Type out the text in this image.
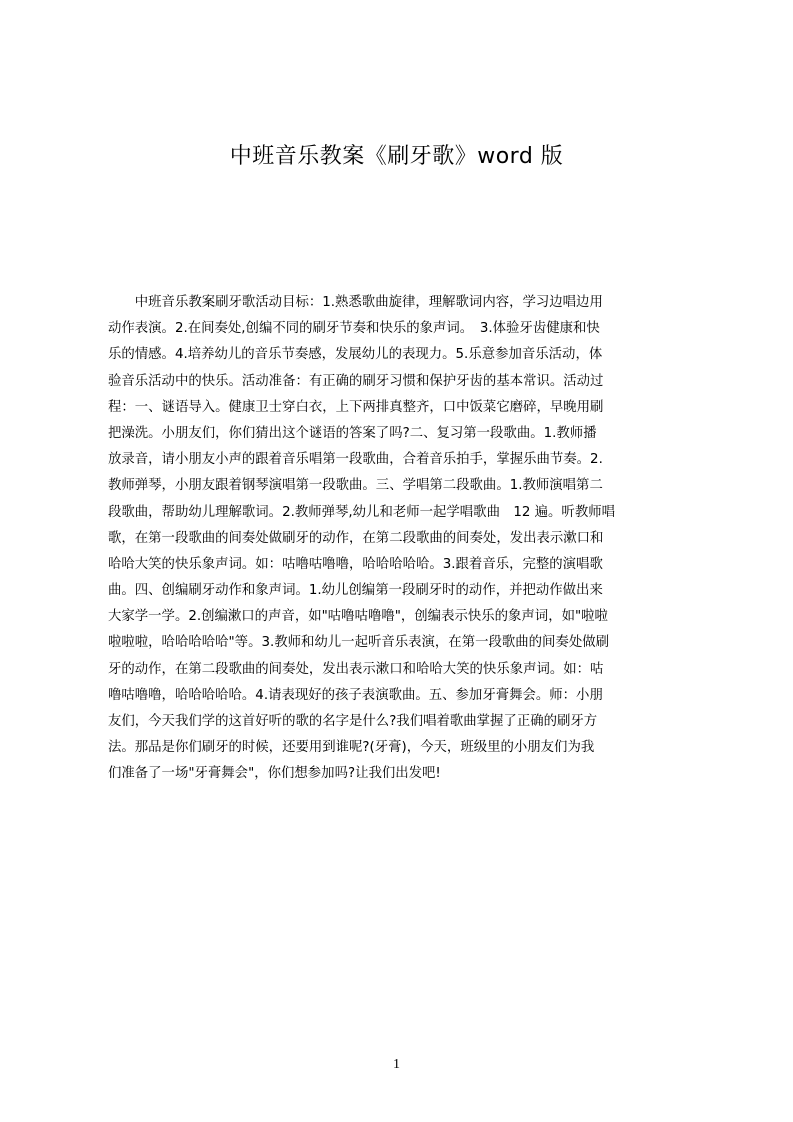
中班音乐教案《刷牙歌》word 版
　　中班音乐教案刷牙歌活动目标：1.熟悉歌曲旋律，理解歌词内容，学习边唱边用
动作表演。2.在间奏处,创编不同的刷牙节奏和快乐的象声词。　3.体验牙齿健康和快
乐的情感。4.培养幼儿的音乐节奏感，发展幼儿的表现力。5.乐意参加音乐活动，体
验音乐活动中的快乐。活动准备：有正确的刷牙习惯和保护牙齿的基本常识。活动过
程：一、谜语导入。健康卫士穿白衣，上下两排真整齐，口中饭菜它磨碎，早晚用刷
把澡洗。小朋友们，你们猜出这个谜语的答案了吗?二、复习第一段歌曲。1.教师播
放录音，请小朋友小声的跟着音乐唱第一段歌曲，合着音乐拍手，掌握乐曲节奏。2.
教师弹琴，小朋友跟着钢琴演唱第一段歌曲。三、学唱第二段歌曲。1.教师演唱第二
段歌曲，帮助幼儿理解歌词。2.教师弹琴,幼儿和老师一起学唱歌曲　12 遍。听教师唱
歌，在第一段歌曲的间奏处做刷牙的动作，在第二段歌曲的间奏处，发出表示漱口和
哈哈大笑的快乐象声词。如：咕噜咕噜噜，哈哈哈哈哈。3.跟着音乐，完整的演唱歌
曲。四、创编刷牙动作和象声词。1.幼儿创编第一段刷牙时的动作，并把动作做出来
大家学一学。2.创编漱口的声音，如"咕噜咕噜噜"，创编表示快乐的象声词，如"啦啦
啦啦啦，哈哈哈哈哈"等。3.教师和幼儿一起听音乐表演，在第一段歌曲的间奏处做刷
牙的动作，在第二段歌曲的间奏处，发出表示漱口和哈哈大笑的快乐象声词。如：咕
噜咕噜噜，哈哈哈哈哈。4.请表现好的孩子表演歌曲。五、参加牙膏舞会。师：小朋
友们，今天我们学的这首好听的歌的名字是什么?我们唱着歌曲掌握了正确的刷牙方
法。那品是你们刷牙的时候，还要用到谁呢?(牙膏)，今天，班级里的小朋友们为我
们准备了一场"牙膏舞会"，你们想参加吗?让我们出发吧!
1
